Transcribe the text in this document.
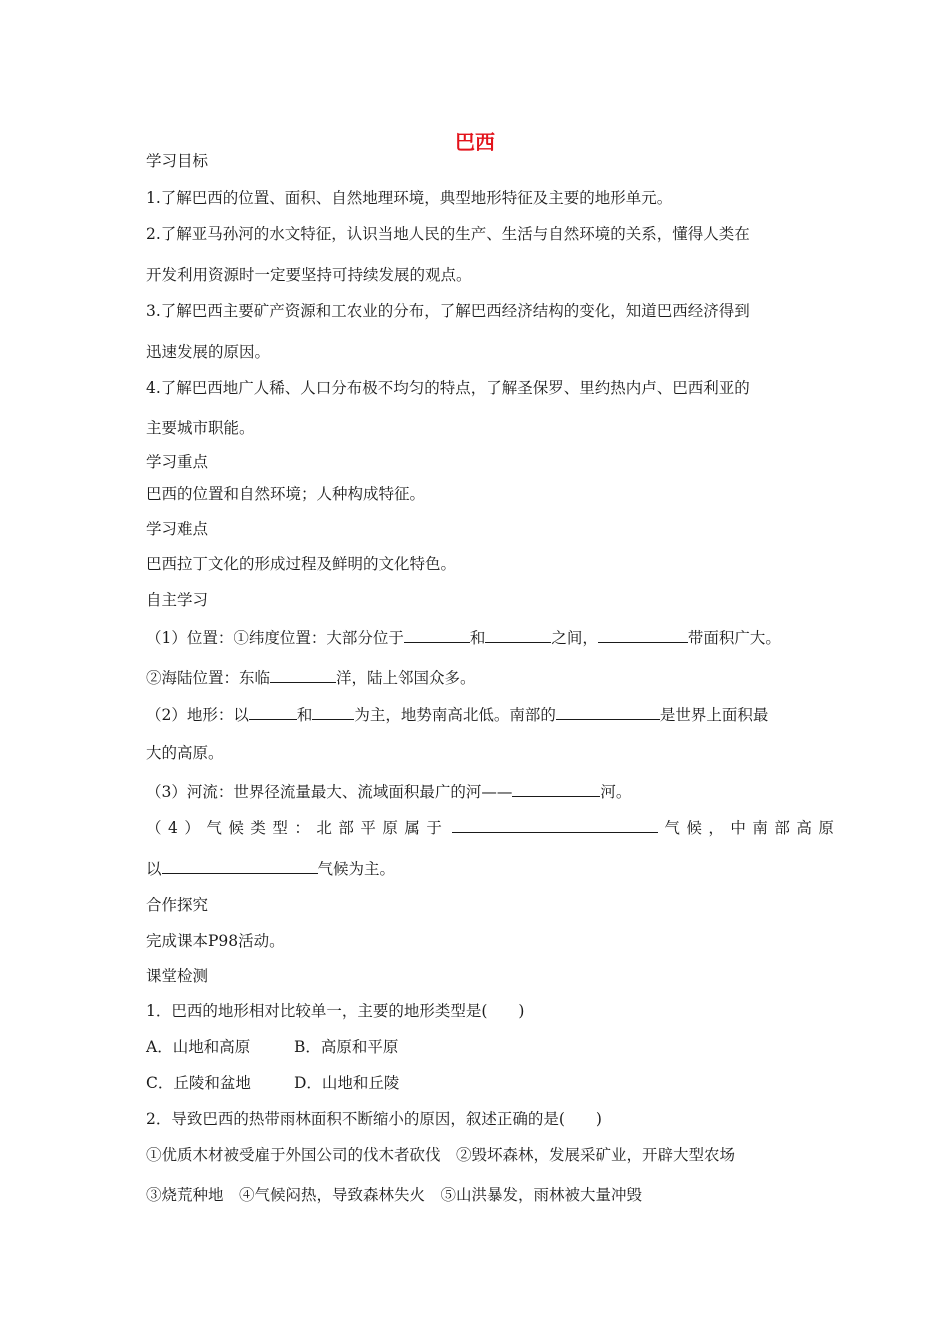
巴西
学习目标
1.了解巴西的位置、面积、自然地理环境，典型地形特征及主要的地形单元。
2.了解亚马孙河的水文特征，认识当地人民的生产、生活与自然环境的关系，懂得人类在
开发利用资源时一定要坚持可持续发展的观点。
3.了解巴西主要矿产资源和工农业的分布，了解巴西经济结构的变化，知道巴西经济得到
迅速发展的原因。
4.了解巴西地广人稀、人口分布极不均匀的特点，了解圣保罗、里约热内卢、巴西利亚的
主要城市职能。
学习重点
巴西的位置和自然环境；人种构成特征。
学习难点
巴西拉丁文化的形成过程及鲜明的文化特色。
自主学习
（1）位置：①纬度位置：大部分位于	和	之间，	带面积广大。
②海陆位置：东临	洋，陆上邻国众多。
（2）地形：以	和	为主，地势南高北低。南部的	是世界上面积最
大的高原。
（3）河流：世界径流量最大、流域面积最广的河——	河。
（4）气候类型：北部平原属于	气候，中南部高原
以	气候为主。
合作探究
完成课本P98活动。
课堂检测
1．巴西的地形相对比较单一，主要的地形类型是(　　)
A．山地和高原	B．高原和平原
C．丘陵和盆地	D．山地和丘陵
2．导致巴西的热带雨林面积不断缩小的原因，叙述正确的是(　　)
①优质木材被受雇于外国公司的伐木者砍伐　②毁坏森林，发展采矿业，开辟大型农场
③烧荒种地　④气候闷热，导致森林失火　⑤山洪暴发，雨林被大量冲毁
